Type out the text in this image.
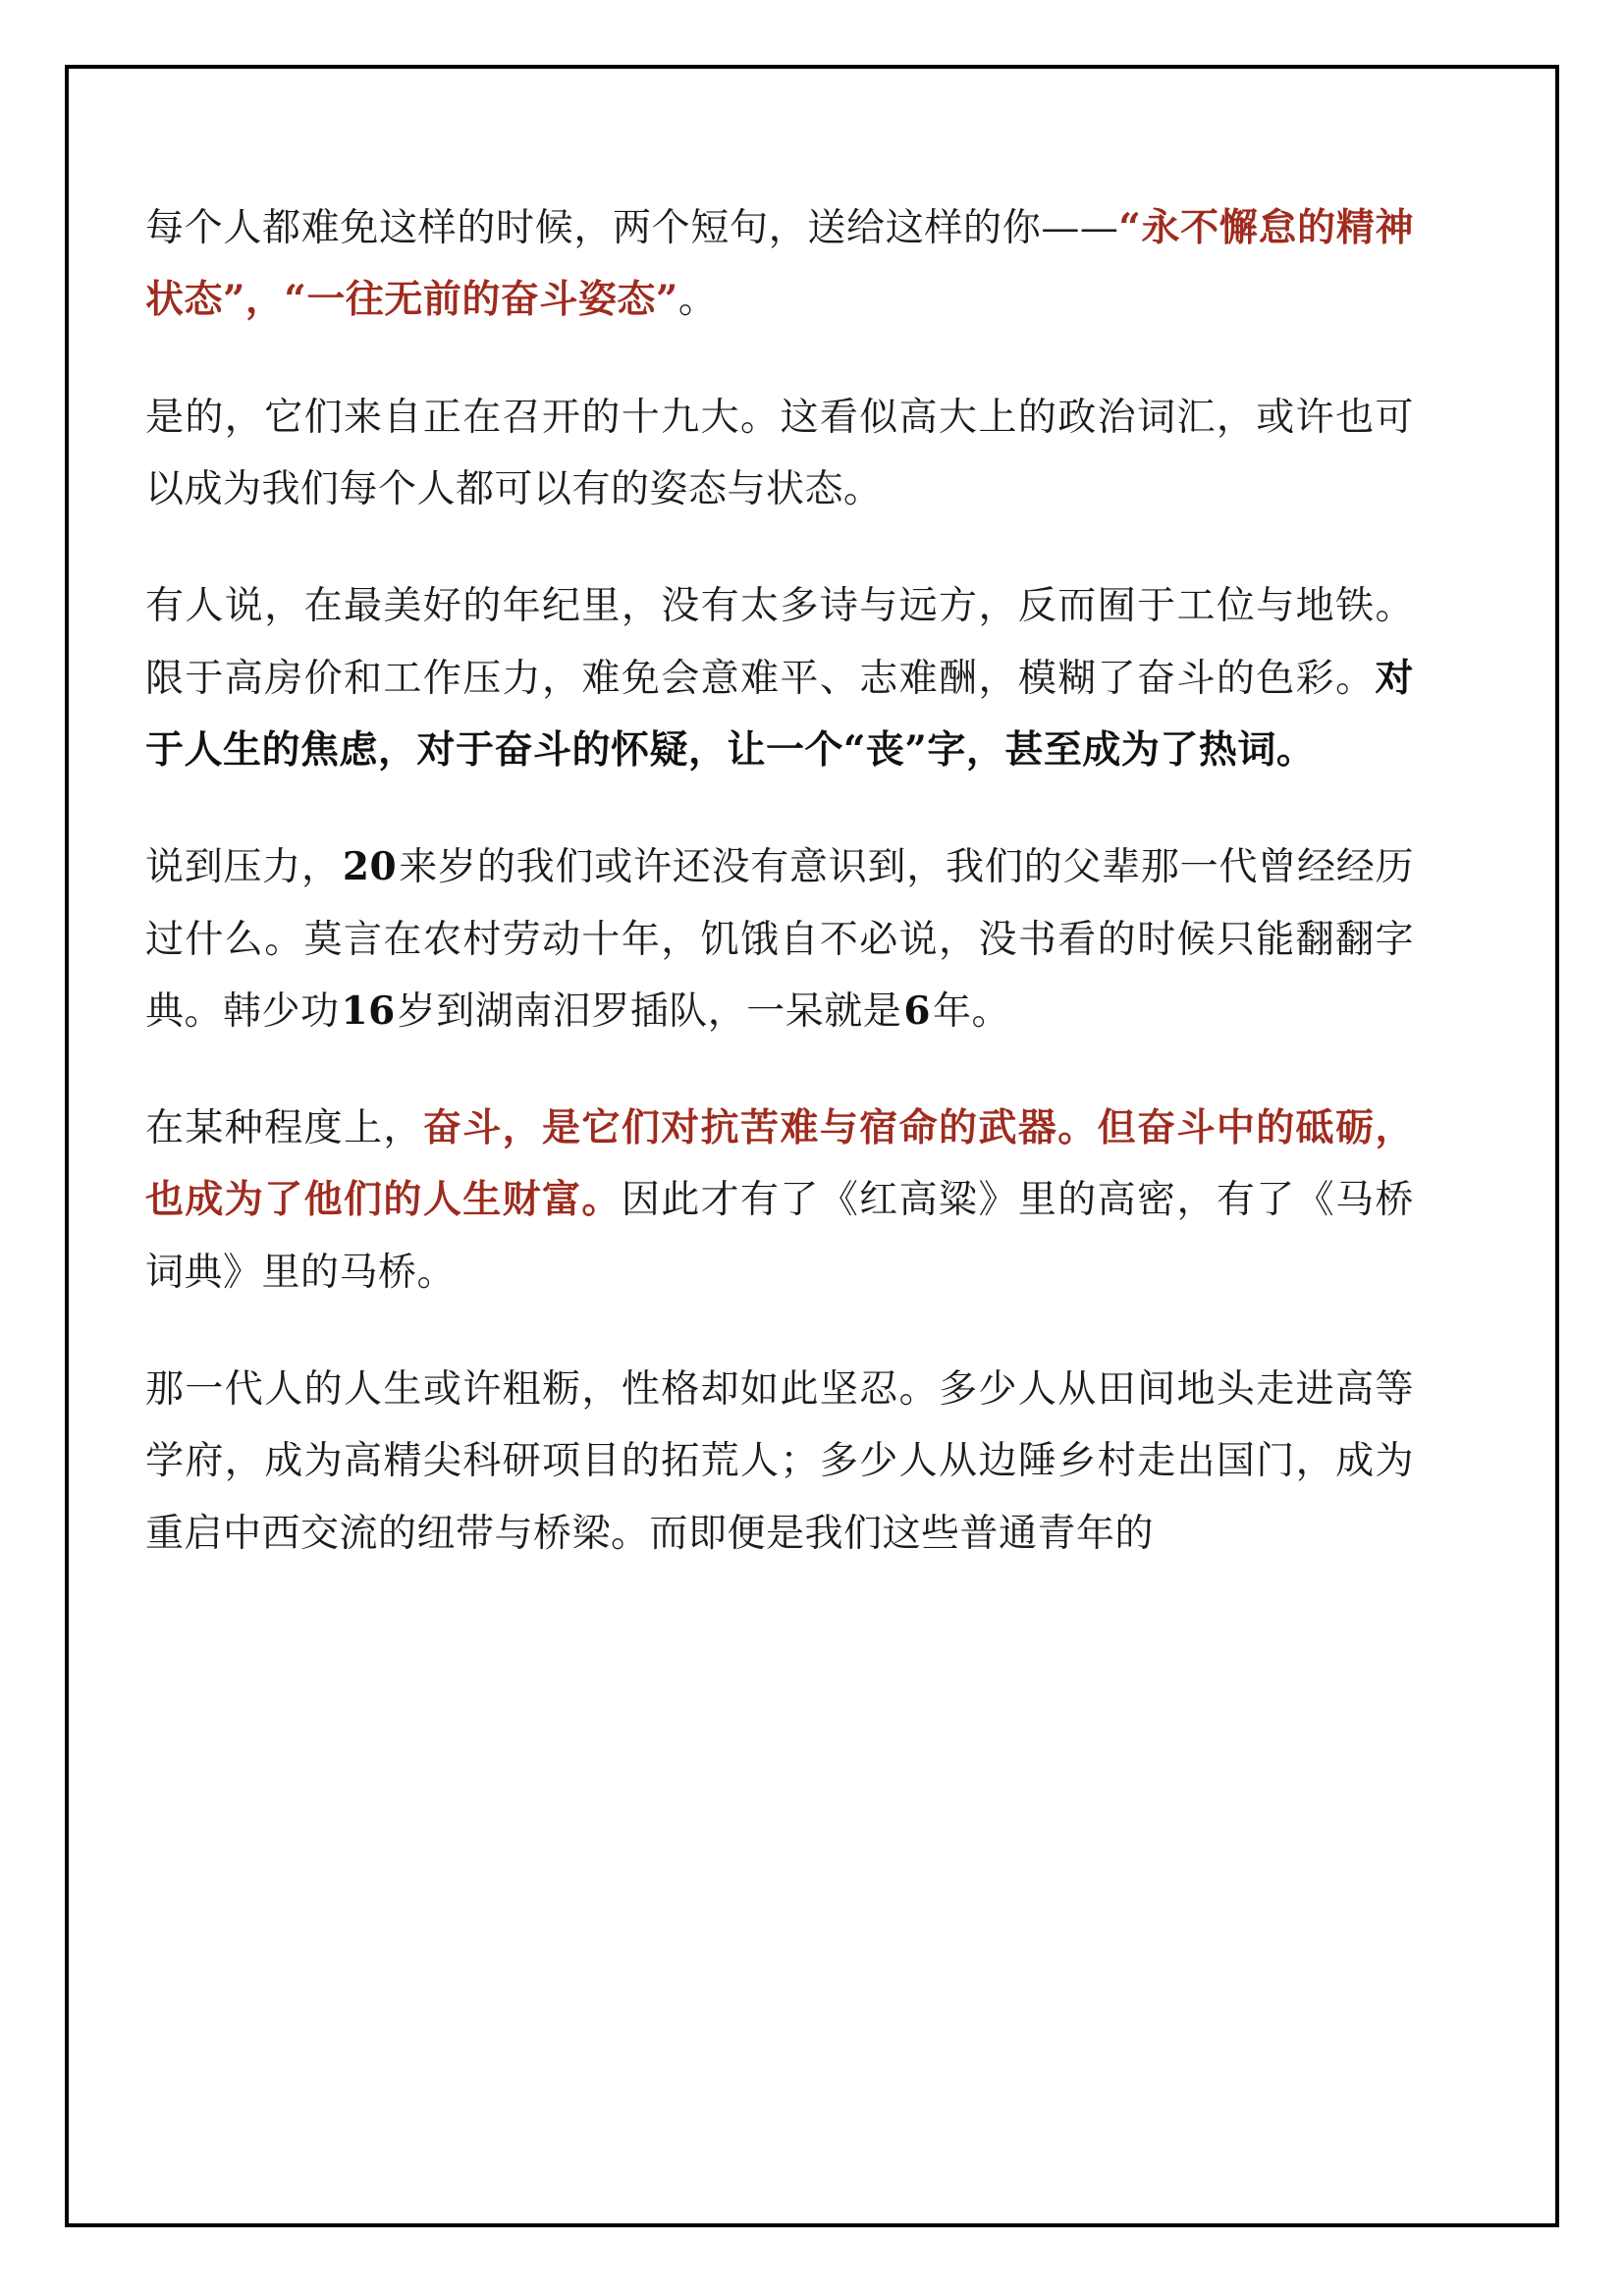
每个人都难免这样的时候，两个短句，送给这样的你——“永不懈怠的精神状态”，“一往无前的奋斗姿态”。

是的，它们来自正在召开的十九大。这看似高大上的政治词汇，或许也可以成为我们每个人都可以有的姿态与状态。

有人说，在最美好的年纪里，没有太多诗与远方，反而囿于工位与地铁。限于高房价和工作压力，难免会意难平、志难酬，模糊了奋斗的色彩。对于人生的焦虑，对于奋斗的怀疑，让一个“丧”字，甚至成为了热词。

说到压力，20来岁的我们或许还没有意识到，我们的父辈那一代曾经经历过什么。莫言在农村劳动十年，饥饿自不必说，没书看的时候只能翻翻字典。韩少功16岁到湖南汨罗插队，一呆就是6年。

在某种程度上，奋斗，是它们对抗苦难与宿命的武器。但奋斗中的砥砺，也成为了他们的人生财富。因此才有了《红高粱》里的高密，有了《马桥词典》里的马桥。

那一代人的人生或许粗粝，性格却如此坚忍。多少人从田间地头走进高等学府，成为高精尖科研项目的拓荒人；多少人从边陲乡村走出国门，成为重启中西交流的纽带与桥梁。而即便是我们这些普通青年的
